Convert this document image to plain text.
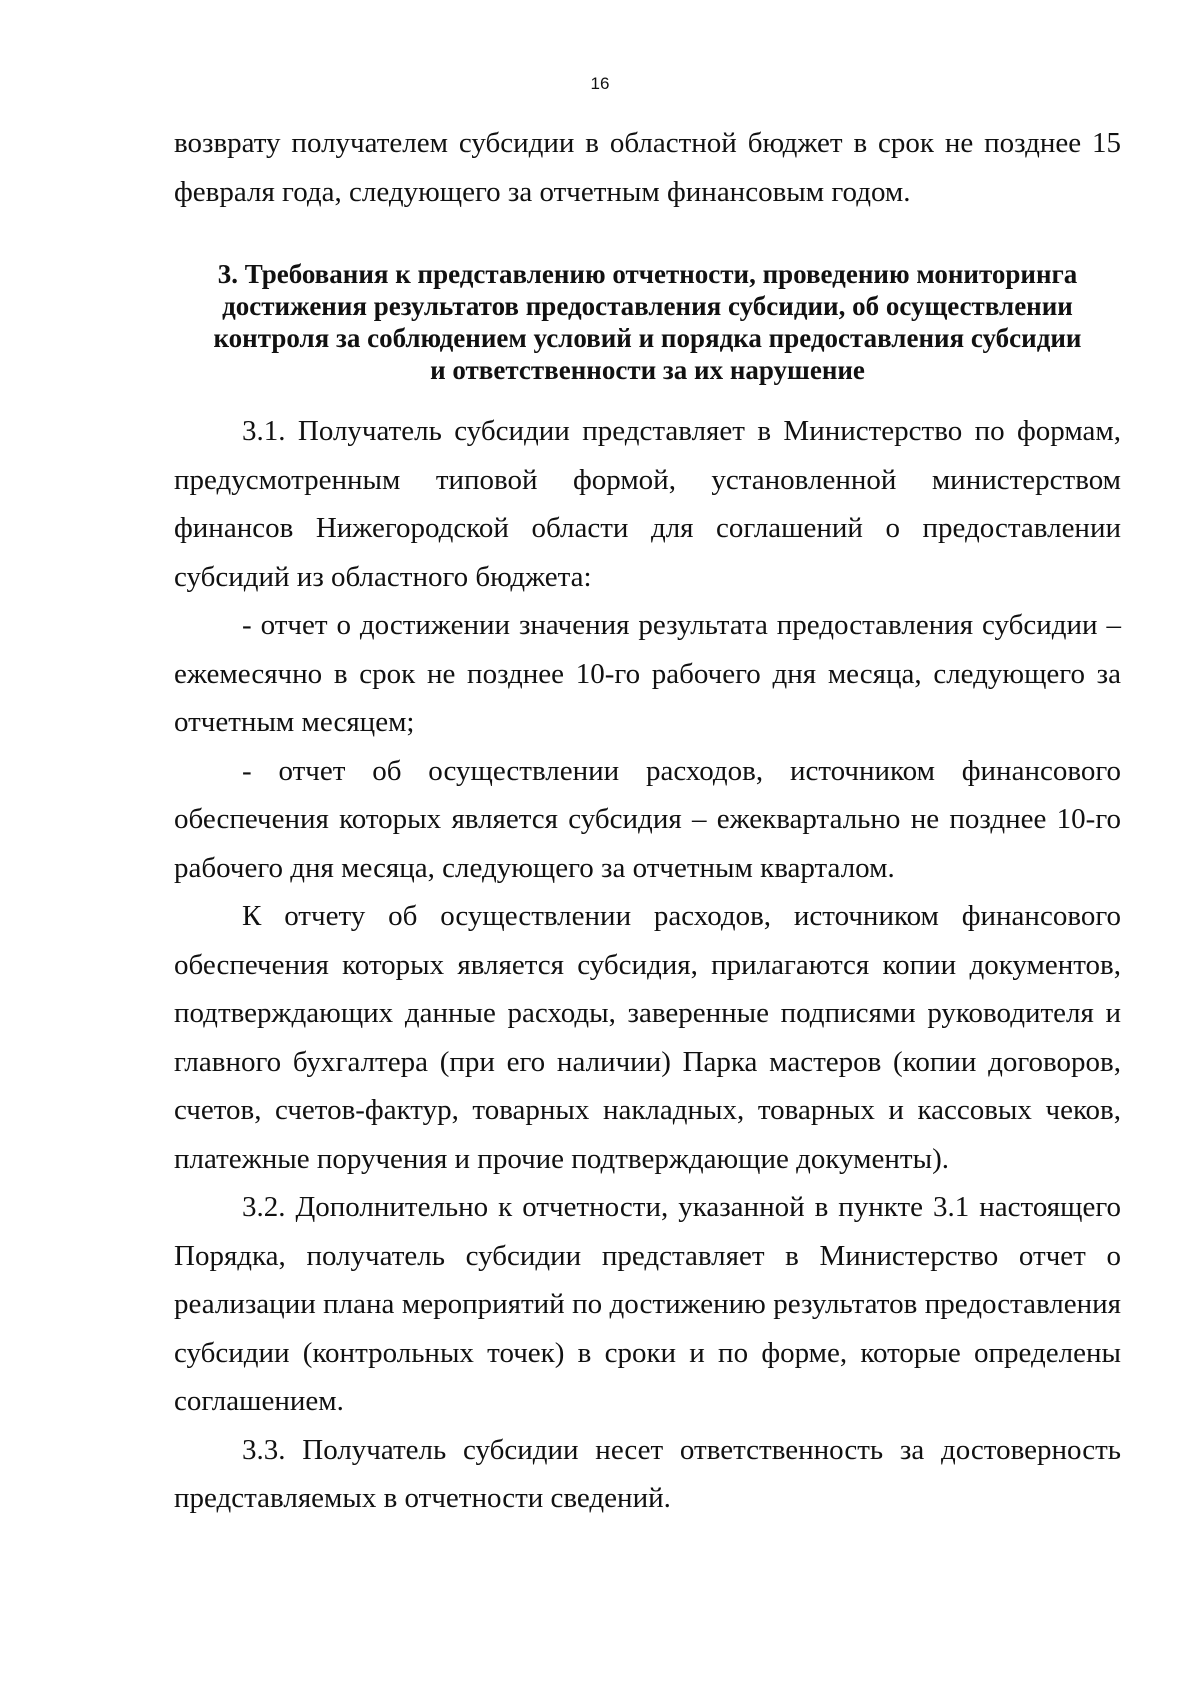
16

возврату получателем субсидии в областной бюджет в срок не позднее 15 февраля года, следующего за отчетным финансовым годом.

3. Требования к представлению отчетности, проведению мониторинга достижения результатов предоставления субсидии, об осуществлении контроля за соблюдением условий и порядка предоставления субсидии и ответственности за их нарушение

3.1. Получатель субсидии представляет в Министерство по формам, предусмотренным типовой формой, установленной министерством финансов Нижегородской области для соглашений о предоставлении субсидий из областного бюджета:

- отчет о достижении значения результата предоставления субсидии – ежемесячно в срок не позднее 10-го рабочего дня месяца, следующего за отчетным месяцем;

- отчет об осуществлении расходов, источником финансового обеспечения которых является субсидия – ежеквартально не позднее 10-го рабочего дня месяца, следующего за отчетным кварталом.

К отчету об осуществлении расходов, источником финансового обеспечения которых является субсидия, прилагаются копии документов, подтверждающих данные расходы, заверенные подписями руководителя и главного бухгалтера (при его наличии) Парка мастеров (копии договоров, счетов, счетов-фактур, товарных накладных, товарных и кассовых чеков, платежные поручения и прочие подтверждающие документы).

3.2. Дополнительно к отчетности, указанной в пункте 3.1 настоящего Порядка, получатель субсидии представляет в Министерство отчет о реализации плана мероприятий по достижению результатов предоставления субсидии (контрольных точек) в сроки и по форме, которые определены соглашением.

3.3. Получатель субсидии несет ответственность за достоверность представляемых в отчетности сведений.
